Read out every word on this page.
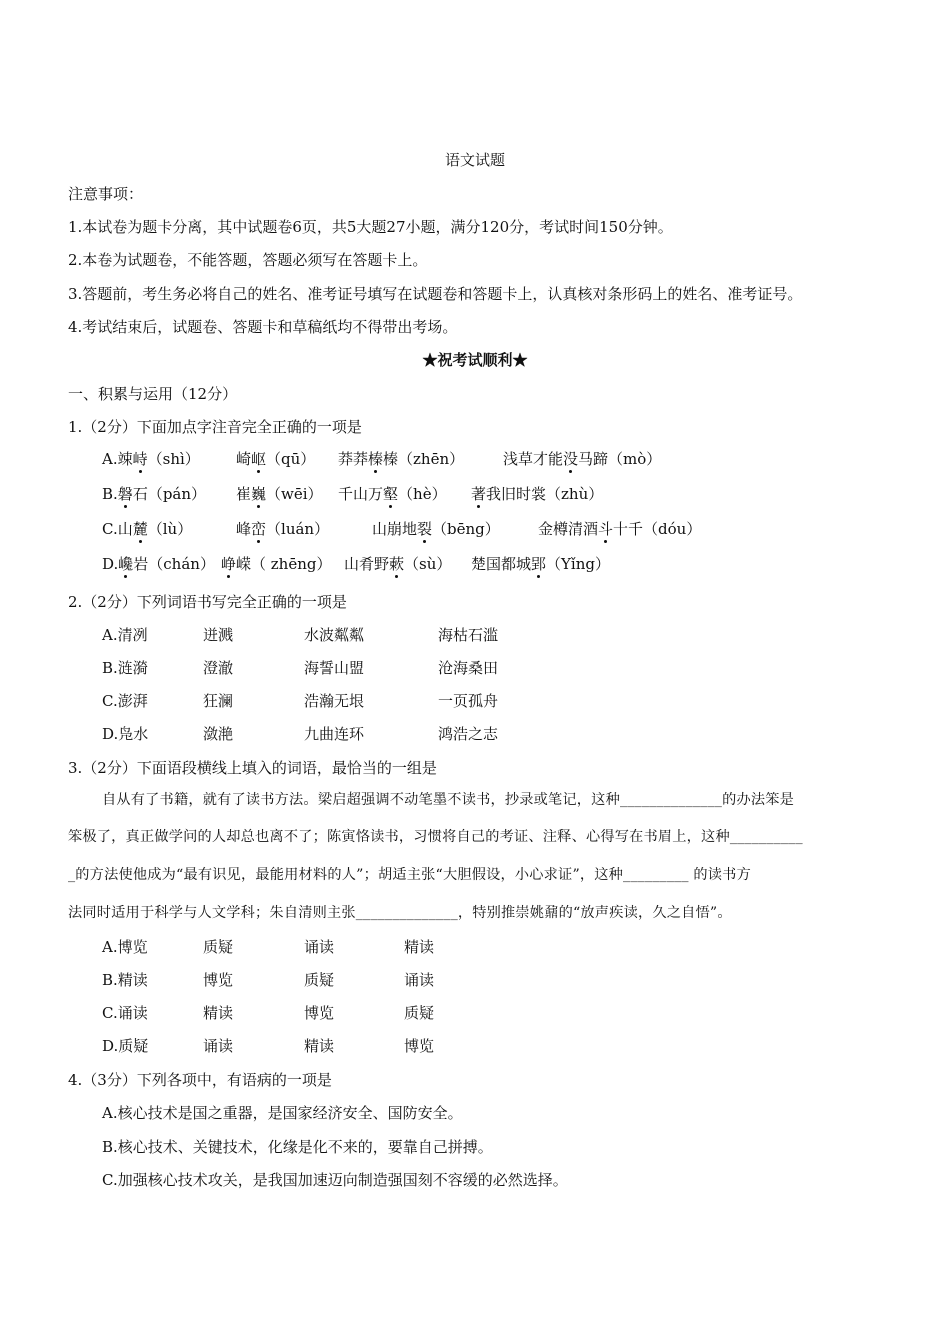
语文试题
注意事项：
1.本试卷为题卡分离，其中试题卷6页，共5大题27小题，满分120分，考试时间150分钟。
2.本卷为试题卷，不能答题，答题必须写在答题卡上。
3.答题前，考生务必将自己的姓名、准考证号填写在试题卷和答题卡上，认真核对条形码上的姓名、准考证号。
4.考试结束后，试题卷、答题卡和草稿纸均不得带出考场。
★祝考试顺利★
一、积累与运用（12分）
1.（2分）下面加点字注音完全正确的一项是
A.竦峙（shì） 崎岖（qū） 莽莽榛榛（zhēn）	浅草才能没马蹄（mò）
B.磐石（pán） 崔巍（wēi） 千山万壑（hè） 著我旧时裳（zhù）
C.山麓（lù）	峰峦（luán）	山崩地裂（bēng）	金樽清酒斗十千（dóu）
D.巉岩（chán） 峥嵘（ zhēng） 山肴野蔌（sù） 楚国都城郢（Yǐng）
2.（2分）下列词语书写完全正确的一项是
A.清冽	迸溅	水波粼粼	海枯石滥
B.涟漪	澄澈	海誓山盟	沧海桑田
C.澎湃	狂澜	浩瀚无垠	一页孤舟
D.凫水	潋滟	九曲连环	鸿浩之志
3.（2分）下面语段横线上填入的词语，最恰当的一组是
自从有了书籍，就有了读书方法。梁启超强调不动笔墨不读书，抄录或笔记，这种______________的办法笨是
笨极了，真正做学问的人却总也离不了；陈寅恪读书，习惯将自己的考证、注释、心得写在书眉上，这种__________
_的方法使他成为“最有识见，最能用材料的人”；胡适主张“大胆假设，小心求证”，这种_________ 的读书方
法同时适用于科学与人文学科；朱自清则主张______________，特别推崇姚鼐的“放声疾读，久之自悟”。
A.博览	质疑	诵读	精读
B.精读	博览	质疑	诵读
C.诵读	精读	博览	质疑
D.质疑	诵读	精读	博览
4.（3分）下列各项中，有语病的一项是
A.核心技术是国之重器，是国家经济安全、国防安全。
B.核心技术、关键技术，化缘是化不来的，要靠自己拼搏。
C.加强核心技术攻关，是我国加速迈向制造强国刻不容缓的必然选择。
